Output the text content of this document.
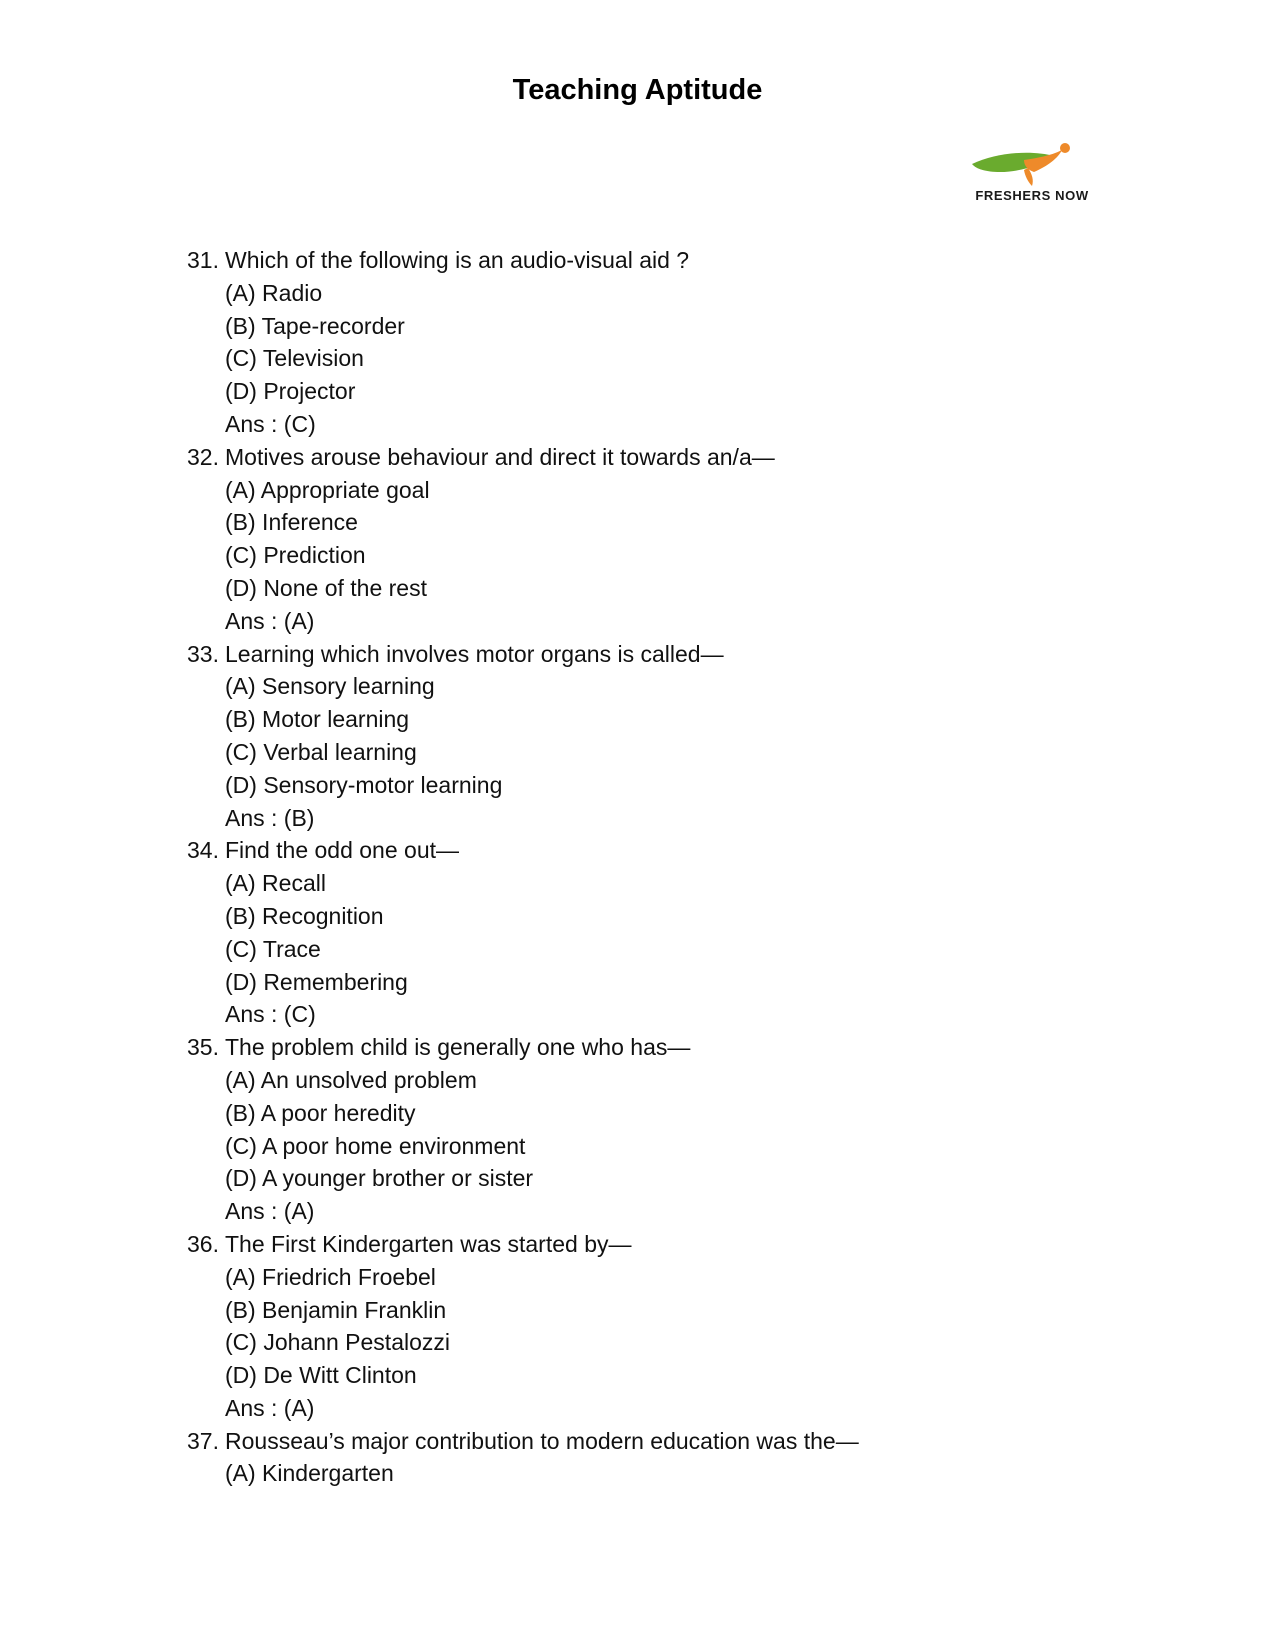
Teaching Aptitude
FRESHERS NOW
31. Which of the following is an audio-visual aid ?
(A) Radio
(B) Tape-recorder
(C) Television
(D) Projector
Ans : (C)
32. Motives arouse behaviour and direct it towards an/a—
(A) Appropriate goal
(B) Inference
(C) Prediction
(D) None of the rest
Ans : (A)
33. Learning which involves motor organs is called—
(A) Sensory learning
(B) Motor learning
(C) Verbal learning
(D) Sensory-motor learning
Ans : (B)
34. Find the odd one out—
(A) Recall
(B) Recognition
(C) Trace
(D) Remembering
Ans : (C)
35. The problem child is generally one who has—
(A) An unsolved problem
(B) A poor heredity
(C) A poor home environment
(D) A younger brother or sister
Ans : (A)
36. The First Kindergarten was started by—
(A) Friedrich Froebel
(B) Benjamin Franklin
(C) Johann Pestalozzi
(D) De Witt Clinton
Ans : (A)
37. Rousseau’s major contribution to modern education was the—
(A) Kindergarten
